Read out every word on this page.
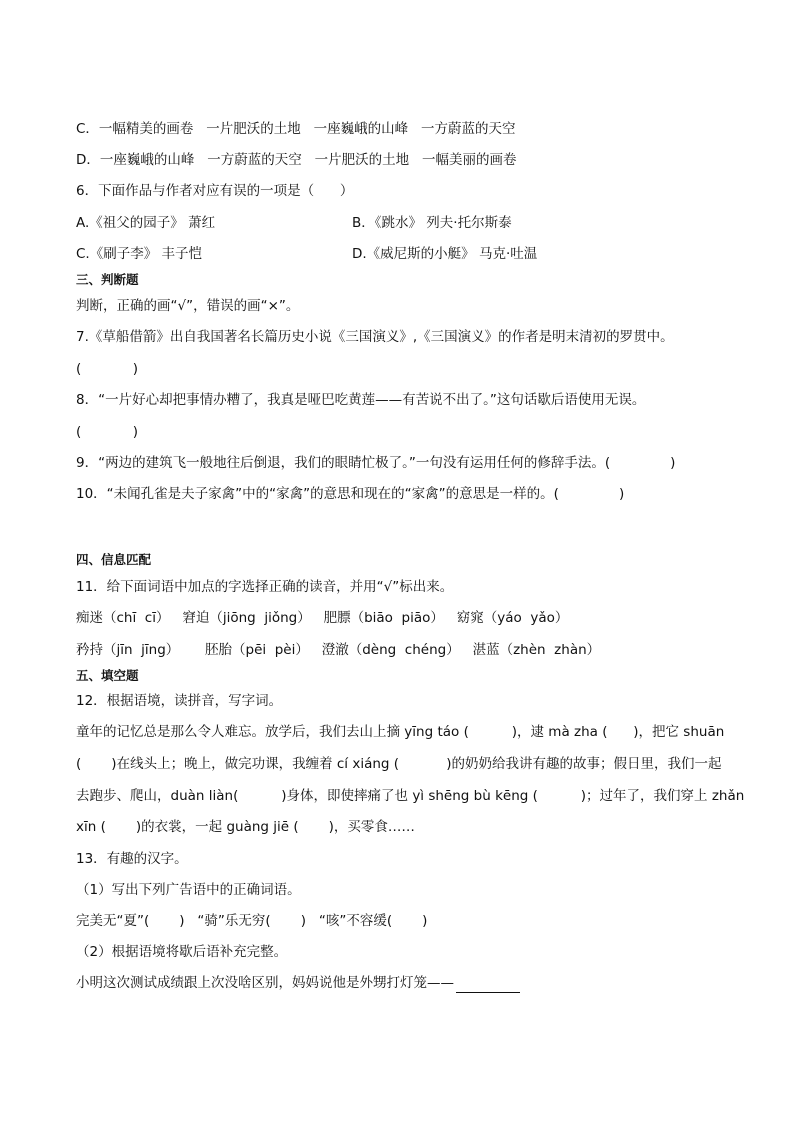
C．一幅精美的画卷   一片肥沃的土地   一座巍峨的山峰   一方蔚蓝的天空
D．一座巍峨的山峰   一方蔚蓝的天空   一片肥沃的土地   一幅美丽的画卷
6．下面作品与作者对应有误的一项是（      ）
A.《祖父的园子》 萧红	B．《跳水》 列夫·托尔斯泰
C.《刷子李》 丰子恺	D.《威尼斯的小艇》 马克·吐温
三、判断题
判断，正确的画“√”，错误的画“×”。
7.《草船借箭》出自我国著名长篇历史小说《三国演义》,《三国演义》的作者是明末清初的罗贯中。
(            )
8．“一片好心却把事情办糟了，我真是哑巴吃黄莲——有苦说不出了。”这句话歇后语使用无误。
(            )
9．“两边的建筑飞一般地往后倒退，我们的眼睛忙极了。”一句没有运用任何的修辞手法。(              )
10．“未闻孔雀是夫子家禽”中的“家禽”的意思和现在的“家禽”的意思是一样的。(              )
四、信息匹配
11．给下面词语中加点的字选择正确的读音，并用“√”标出来。
痴迷（chī  cī）   窘迫（jiōng  jiǒng）   肥膘（biāo  piāo）   窈窕（yáo  yǎo）
矜持（jīn  jīng）      胚胎（pēi  pèi）   澄澈（dèng  chéng）   湛蓝（zhèn  zhàn）
五、填空题
12．根据语境，读拼音，写字词。
童年的记忆总是那么令人难忘。放学后，我们去山上摘 yīng táo (          )，逮 mà zha (      )，把它 shuān
(       )在线头上；晚上，做完功课，我缠着 cí xiáng (           )的奶奶给我讲有趣的故事；假日里，我们一起
去跑步、爬山，duàn liàn(          )身体，即使摔痛了也 yì shēng bù kēng (          )；过年了，我们穿上 zhǎn
xīn (       )的衣裳，一起 guàng jiē (       )，买零食……
13．有趣的汉字。
（1）写出下列广告语中的正确词语。
完美无“夏”(       )   “骑”乐无穷(       )   “咳”不容缓(       )
（2）根据语境将歇后语补充完整。
小明这次测试成绩跟上次没啥区别，妈妈说他是外甥打灯笼——
